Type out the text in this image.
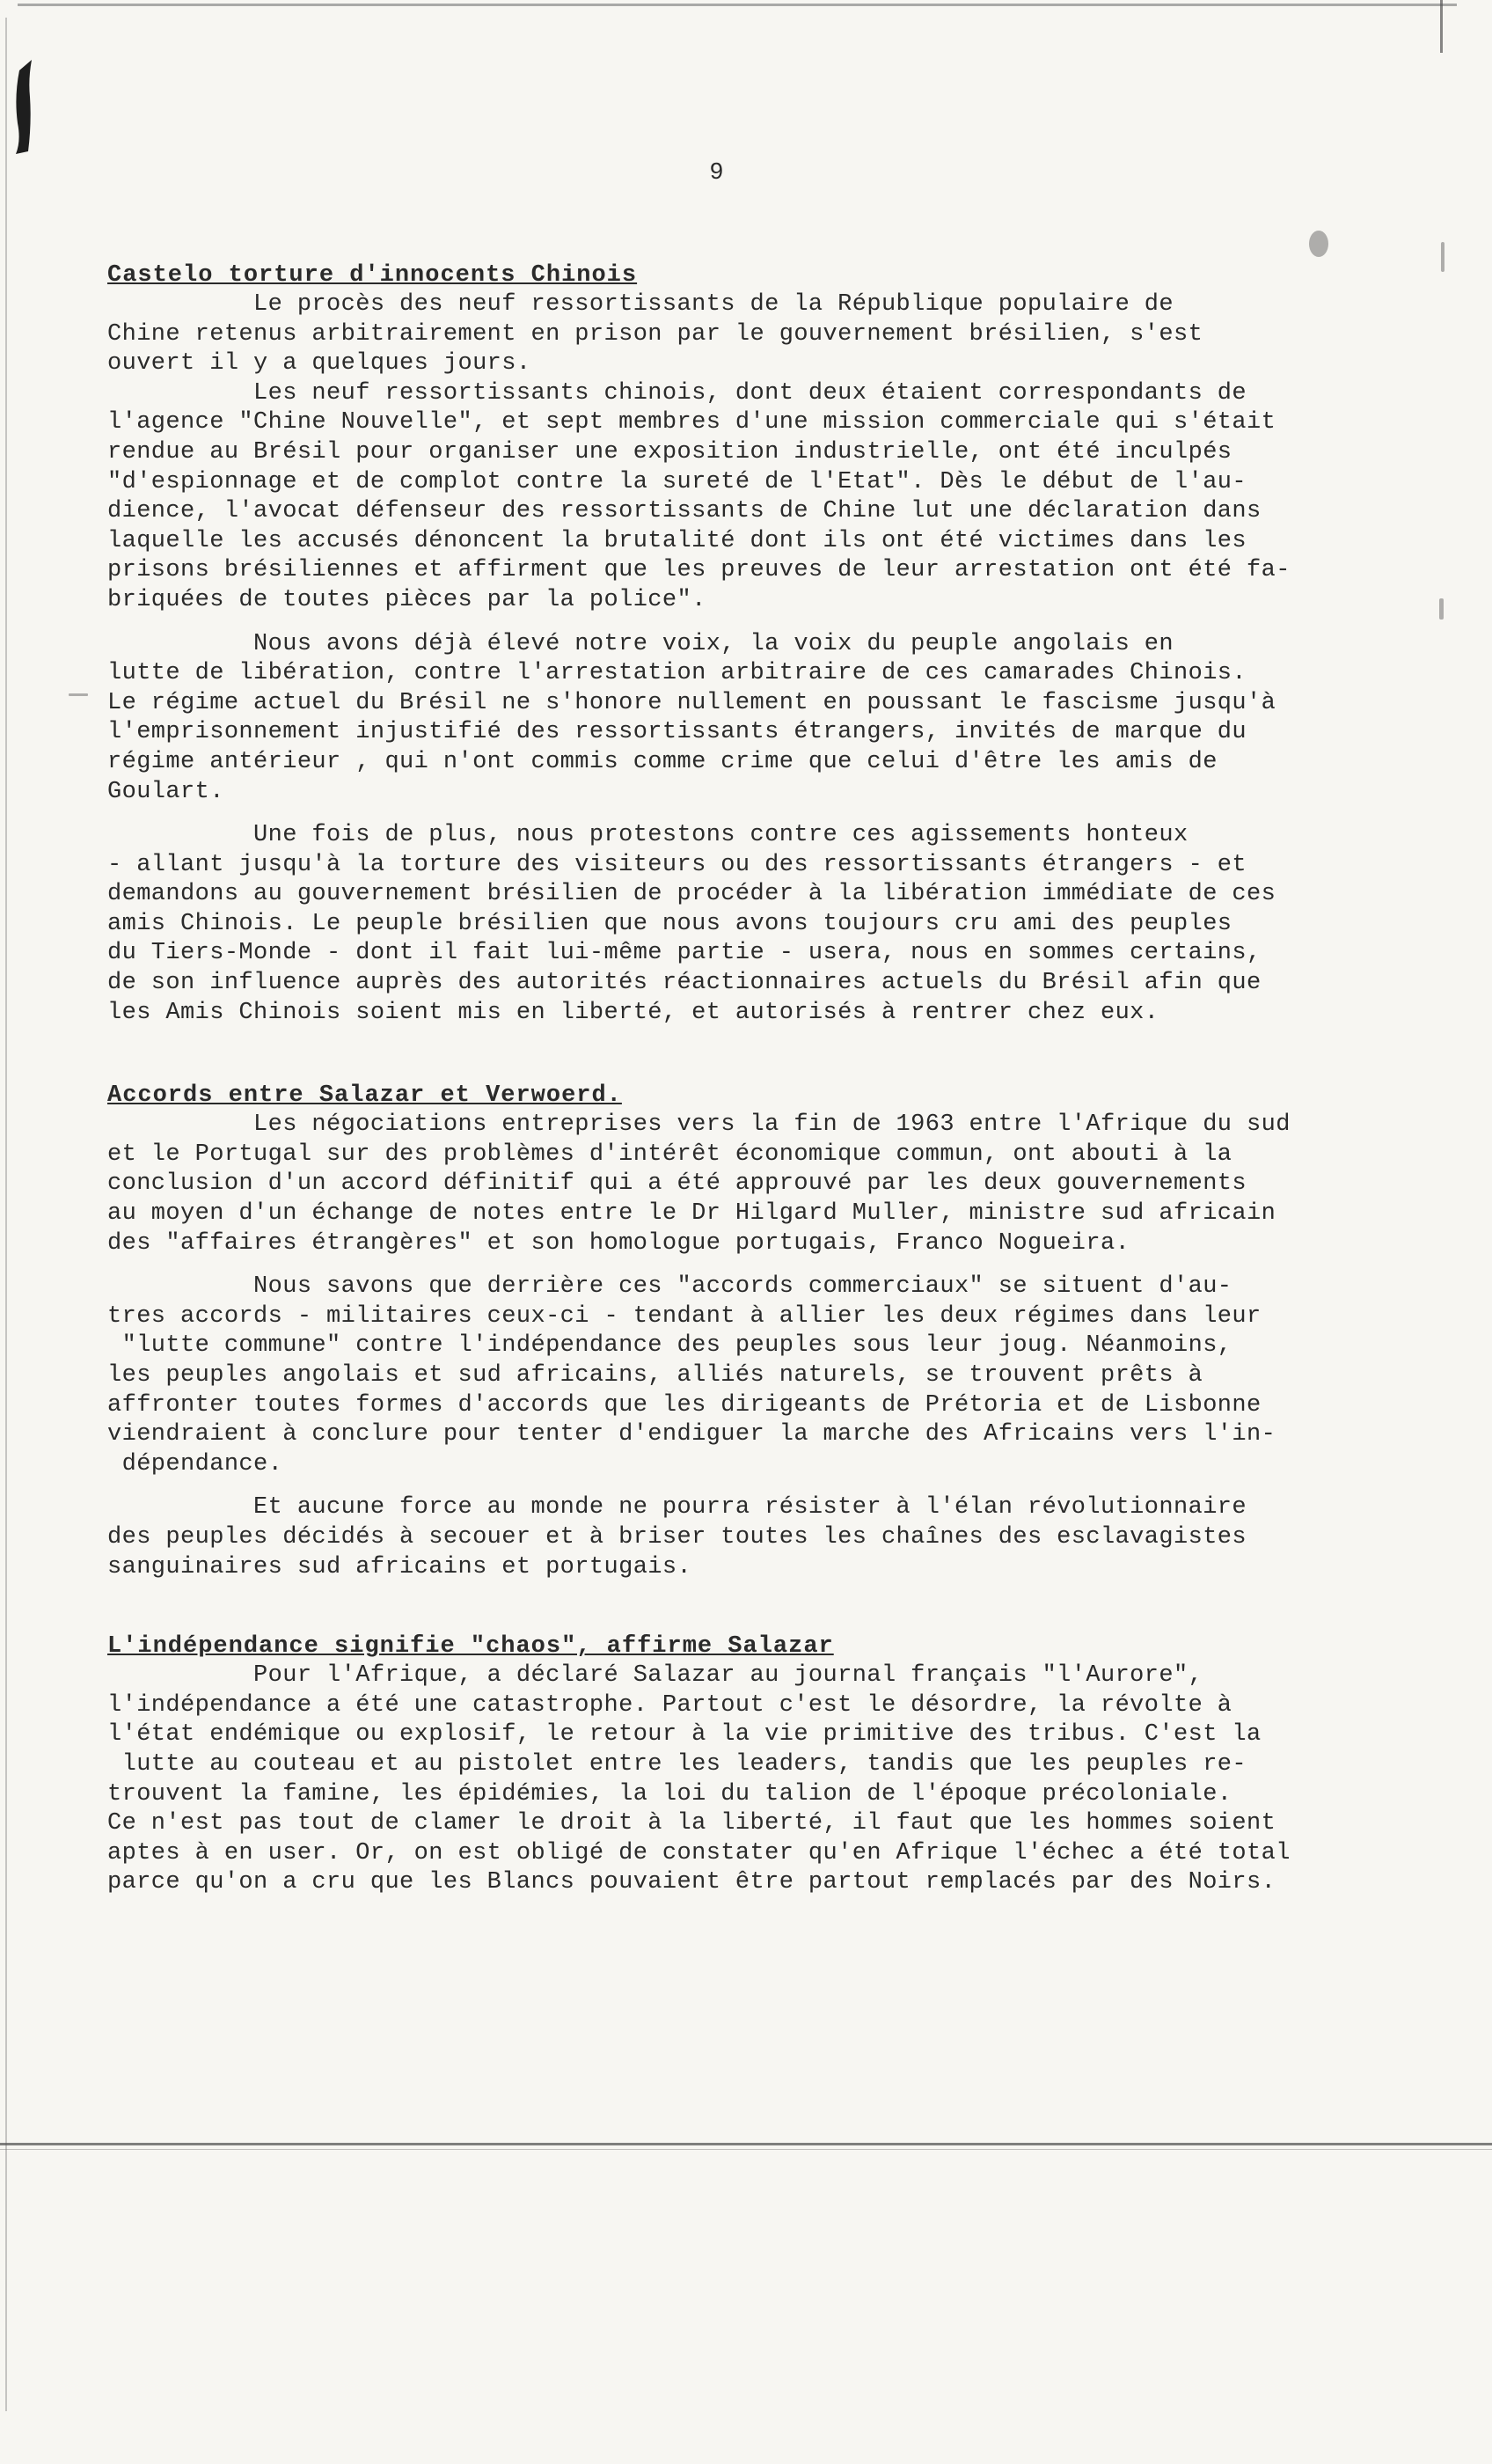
9
Castelo torture d'innocents Chinois

Le procès des neuf ressortissants de la République populaire de
Chine retenus arbitrairement en prison par le gouvernement brésilien, s'est
ouvert il y a quelques jours.

Les neuf ressortissants chinois, dont deux étaient correspondants de
l'agence "Chine Nouvelle", et sept membres d'une mission commerciale qui s'était
rendue au Brésil pour organiser une exposition industrielle, ont été inculpés
"d'espionnage et de complot contre la sureté de l'Etat". Dès le début de l'au-
dience, l'avocat défenseur des ressortissants de Chine lut une déclaration dans
laquelle les accusés dénoncent la brutalité dont ils ont été victimes dans les
prisons brésiliennes et affirment que les preuves de leur arrestation ont été fa-
briquées de toutes pièces par la police".

Nous avons déjà élevé notre voix, la voix du peuple angolais en
lutte de libération, contre l'arrestation arbitraire de ces camarades Chinois.
Le régime actuel du Brésil ne s'honore nullement en poussant le fascisme jusqu'à
l'emprisonnement injustifié des ressortissants étrangers, invités de marque du
régime antérieur , qui n'ont commis comme crime que celui d'être les amis de
Goulart.

Une fois de plus, nous protestons contre ces agissements honteux
- allant jusqu'à la torture des visiteurs ou des ressortissants étrangers - et
demandons au gouvernement brésilien de procéder à la libération immédiate de ces
amis Chinois. Le peuple brésilien que nous avons toujours cru ami des peuples
du Tiers-Monde - dont il fait lui-même partie - usera, nous en sommes certains,
de son influence auprès des autorités réactionnaires actuels du Brésil afin que
les Amis Chinois soient mis en liberté, et autorisés à rentrer chez eux.

Accords entre Salazar et Verwoerd.

Les négociations entreprises vers la fin de 1963 entre l'Afrique du sud
et le Portugal sur des problèmes d'intérêt économique commun, ont abouti à la
conclusion d'un accord définitif qui a été approuvé par les deux gouvernements
au moyen d'un échange de notes entre le Dr Hilgard Muller, ministre sud africain
des "affaires étrangères" et son homologue portugais, Franco Nogueira.

Nous savons que derrière ces "accords commerciaux" se situent d'au-
tres accords - militaires ceux-ci - tendant à allier les deux régimes dans leur
"lutte commune" contre l'indépendance des peuples sous leur joug. Néanmoins,
les peuples angolais et sud africains, alliés naturels, se trouvent prêts à
affronter toutes formes d'accords que les dirigeants de Prétoria et de Lisbonne
viendraient à conclure pour tenter d'endiguer la marche des Africains vers l'in-
dépendance.

Et aucune force au monde ne pourra résister à l'élan révolutionnaire
des peuples décidés à secouer et à briser toutes les chaînes des esclavagistes
sanguinaires sud africains et portugais.

L'indépendance signifie "chaos", affirme Salazar

Pour l'Afrique, a déclaré Salazar au journal français "l'Aurore",
l'indépendance a été une catastrophe. Partout c'est le désordre, la révolte à
l'état endémique ou explosif, le retour à la vie primitive des tribus. C'est la
lutte au couteau et au pistolet entre les leaders, tandis que les peuples re-
trouvent la famine, les épidémies, la loi du talion de l'époque précoloniale.
Ce n'est pas tout de clamer le droit à la liberté, il faut que les hommes soient
aptes à en user. Or, on est obligé de constater qu'en Afrique l'échec a été total
parce qu'on a cru que les Blancs pouvaient être partout remplacés par des Noirs.
